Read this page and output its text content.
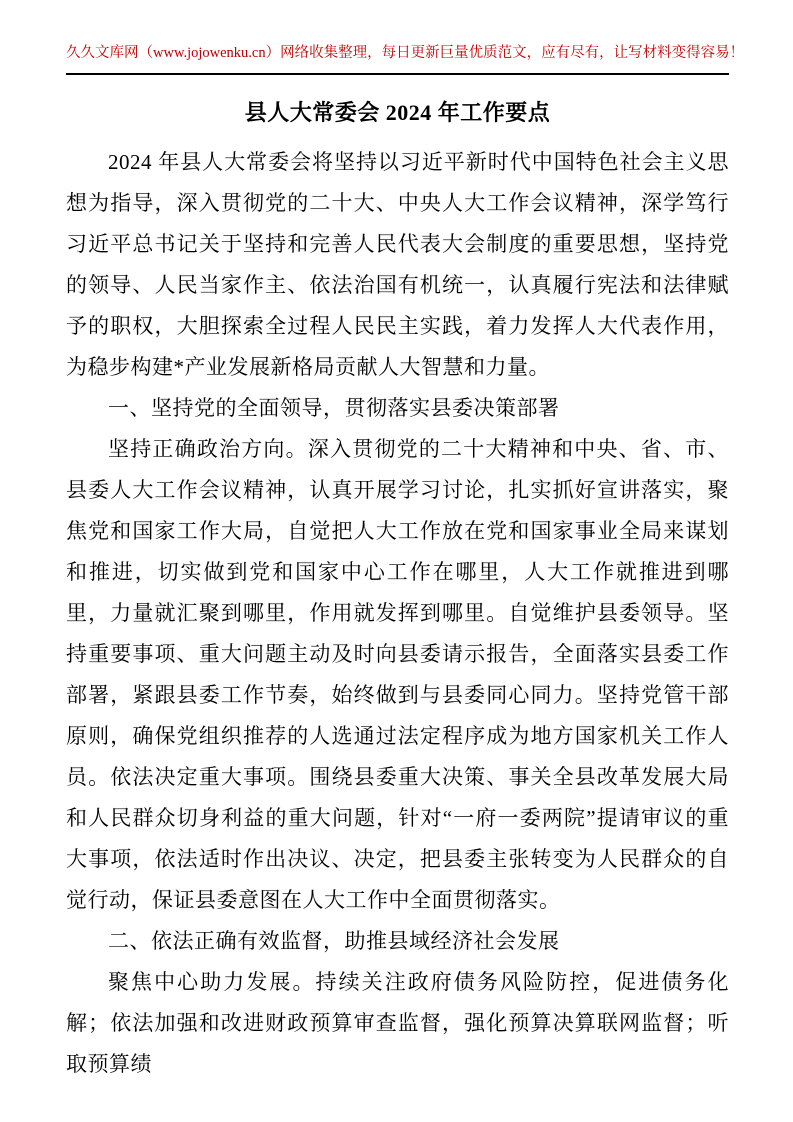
久久文库网（www.jojowenku.cn）网络收集整理，每日更新巨量优质范文，应有尽有，让写材料变得容易！
县人大常委会 2024 年工作要点

2024 年县人大常委会将坚持以习近平新时代中国特色社会主义思想为指导，深入贯彻党的二十大、中央人大工作会议精神，深学笃行习近平总书记关于坚持和完善人民代表大会制度的重要思想，坚持党的领导、人民当家作主、依法治国有机统一，认真履行宪法和法律赋予的职权，大胆探索全过程人民民主实践，着力发挥人大代表作用，为稳步构建*产业发展新格局贡献人大智慧和力量。

一、坚持党的全面领导，贯彻落实县委决策部署

坚持正确政治方向。深入贯彻党的二十大精神和中央、省、市、县委人大工作会议精神，认真开展学习讨论，扎实抓好宣讲落实，聚焦党和国家工作大局，自觉把人大工作放在党和国家事业全局来谋划和推进，切实做到党和国家中心工作在哪里，人大工作就推进到哪里，力量就汇聚到哪里，作用就发挥到哪里。自觉维护县委领导。坚持重要事项、重大问题主动及时向县委请示报告，全面落实县委工作部署，紧跟县委工作节奏，始终做到与县委同心同力。坚持党管干部原则，确保党组织推荐的人选通过法定程序成为地方国家机关工作人员。依法决定重大事项。围绕县委重大决策、事关全县改革发展大局和人民群众切身利益的重大问题，针对“一府一委两院”提请审议的重大事项，依法适时作出决议、决定，把县委主张转变为人民群众的自觉行动，保证县委意图在人大工作中全面贯彻落实。

二、依法正确有效监督，助推县域经济社会发展

聚焦中心助力发展。持续关注政府债务风险防控，促进债务化解；依法加强和改进财政预算审查监督，强化预算决算联网监督；听取预算绩
